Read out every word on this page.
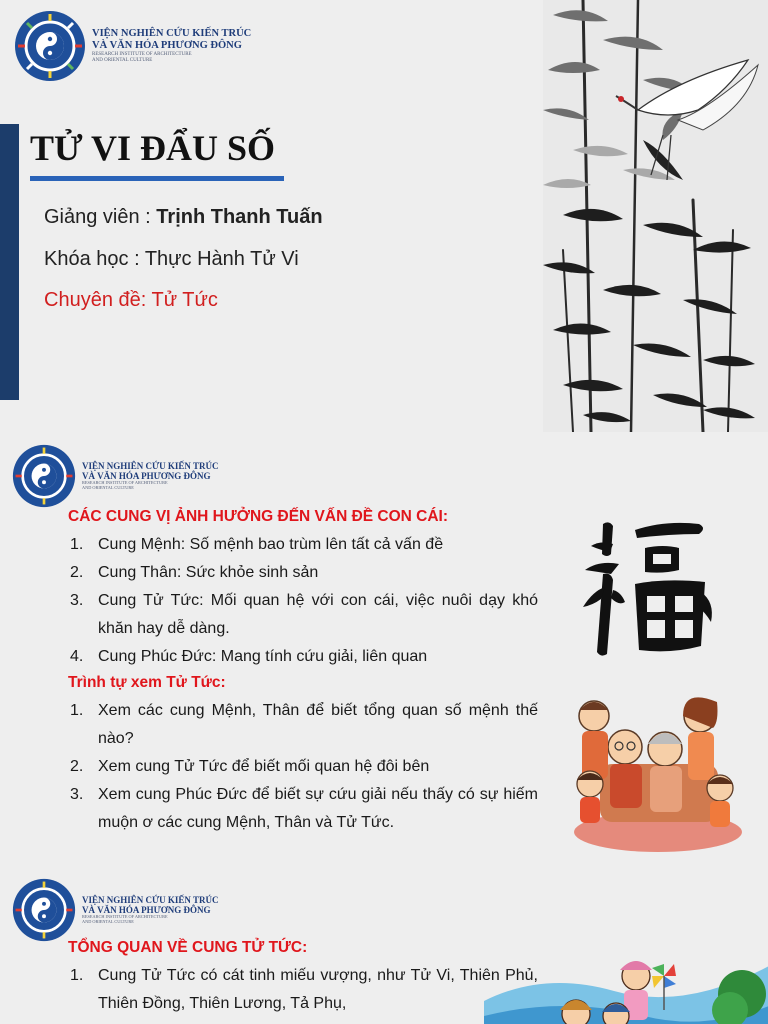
VIỆN NGHIÊN CỨU KIẾN TRÚC
VÀ VĂN HÓA PHƯƠNG ĐÔNG
RESEARCH INSTITUTE OF ARCHITECTURE
AND ORIENTAL CULTURE
TỬ VI ĐẨU SỐ
Giảng viên : Trịnh Thanh Tuấn
Khóa học : Thực Hành Tử Vi
Chuyên đề: Tử Tức
VIỆN NGHIÊN CỨU KIẾN TRÚC
VÀ VĂN HÓA PHƯƠNG ĐÔNG
RESEARCH INSTITUTE OF ARCHITECTURE
AND ORIENTAL CULTURE
CÁC CUNG VỊ ẢNH HƯỞNG ĐẾN VẤN ĐỀ CON CÁI:
1. Cung Mệnh: Số mệnh bao trùm lên tất cả vấn đề
2. Cung Thân: Sức khỏe sinh sản
3. Cung Tử Tức: Mối quan hệ với con cái, việc nuôi dạy khó khăn hay dễ dàng.
4. Cung Phúc Đức: Mang tính cứu giải, liên quan
Trình tự xem Tử Tức:
1. Xem các cung Mệnh, Thân để biết tổng quan số mệnh thế nào?
2. Xem cung Tử Tức để biết mối quan hệ đôi bên
3. Xem cung Phúc Đức để biết sự cứu giải nếu thấy có sự hiếm muộn ơ các cung Mệnh, Thân và Tử Tức.
VIỆN NGHIÊN CỨU KIẾN TRÚC
VÀ VĂN HÓA PHƯƠNG ĐÔNG
RESEARCH INSTITUTE OF ARCHITECTURE
AND ORIENTAL CULTURE
TỔNG QUAN VỀ CUNG TỬ TỨC:
1. Cung Tử Tức có cát tinh miếu vượng, như Tử Vi, Thiên Phủ, Thiên Đồng, Thiên Lương, Tả Phụ,
